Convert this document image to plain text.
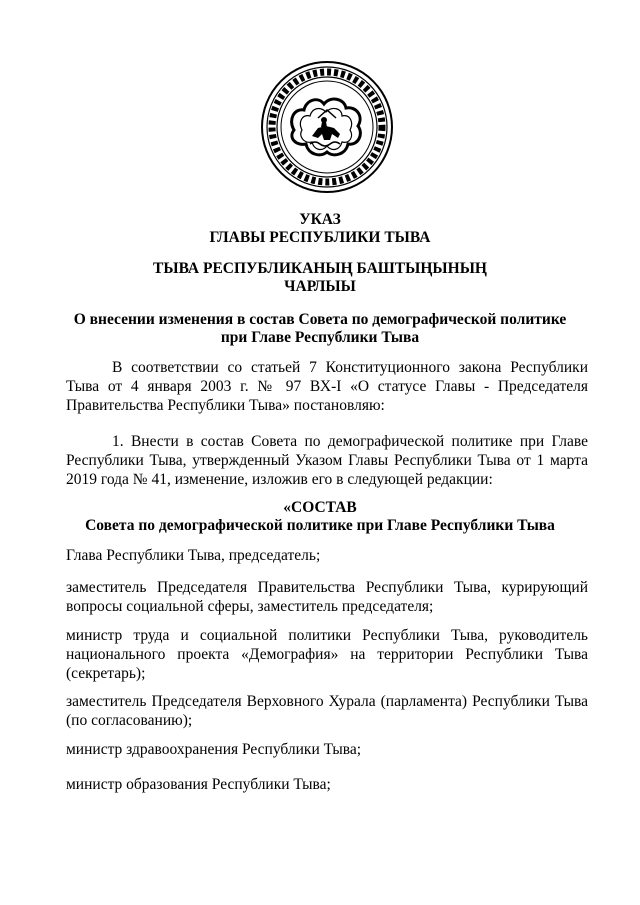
УКАЗ
ГЛАВЫ РЕСПУБЛИКИ ТЫВА
ТЫВА РЕСПУБЛИКАНЫҢ БАШТЫҢЫНЫҢ
ЧАРЛЫЫ
О внесении изменения в состав Совета по демографической политике
при Главе Республики Тыва
В соответствии со статьей 7 Конституционного закона Республики Тыва от 4 января 2003 г. № 97 ВХ-I «О статусе Главы - Председателя Правительства Республики Тыва» постановляю:
1. Внести в состав Совета по демографической политике при Главе Республики Тыва, утвержденный Указом Главы Республики Тыва от 1 марта 2019 года № 41, изменение, изложив его в следующей редакции:
«СОСТАВ
Совета по демографической политике при Главе Республики Тыва
Глава Республики Тыва, председатель;
заместитель Председателя Правительства Республики Тыва, курирующий вопросы социальной сферы, заместитель председателя;
министр труда и социальной политики Республики Тыва, руководитель национального проекта «Демография» на территории Республики Тыва (секретарь);
заместитель Председателя Верховного Хурала (парламента) Республики Тыва (по согласованию);
министр здравоохранения Республики Тыва;
министр образования Республики Тыва;
